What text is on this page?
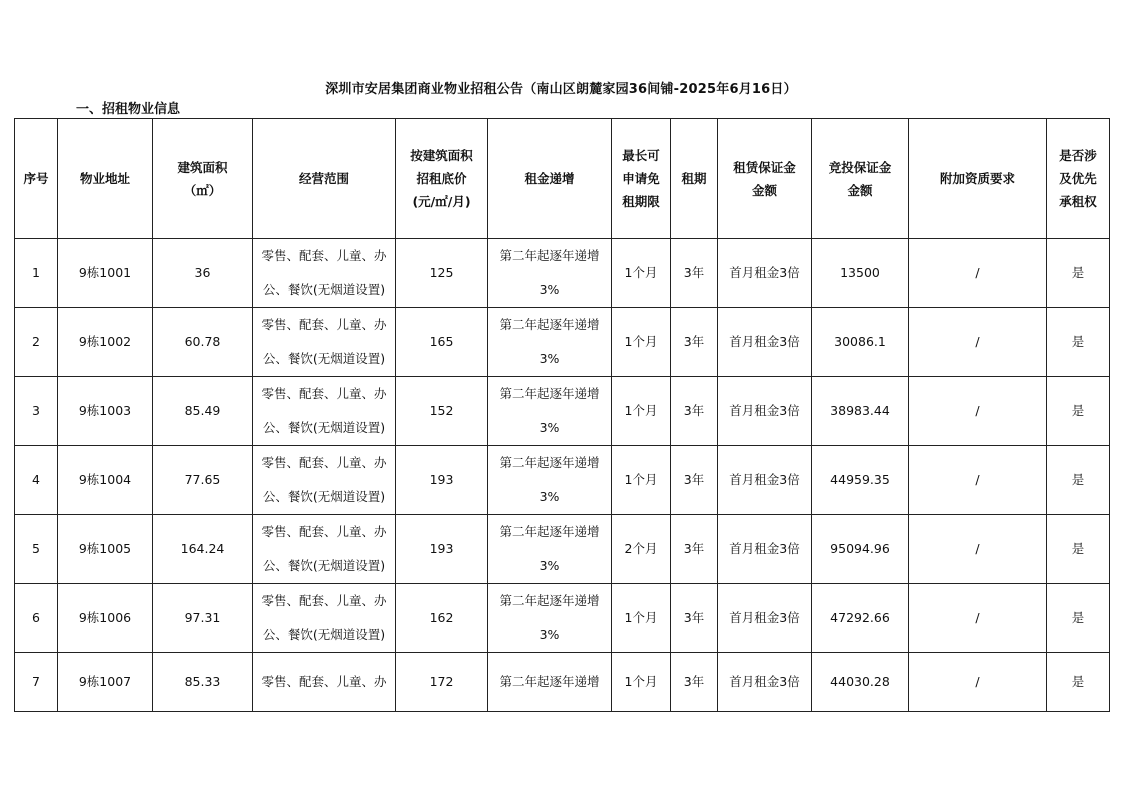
深圳市安居集团商业物业招租公告（南山区朗麓家园36间铺-2025年6月16日）
一、招租物业信息
序号	物业地址	建筑面积
（㎡）	经营范围	按建筑面积
招租底价
(元/㎡/月)	租金递增	最长可
申请免
租期限	租期	租赁保证金
金额	竞投保证金
金额	附加资质要求	是否涉
及优先
承租权

1	9栋1001	36	零售、配套、儿童、办
公、餐饮(无烟道设置)	125	第二年起逐年递增
3%	1个月	3年	首月租金3倍	13500	/	是
2	9栋1002	60.78	零售、配套、儿童、办
公、餐饮(无烟道设置)	165	第二年起逐年递增
3%	1个月	3年	首月租金3倍	30086.1	/	是
3	9栋1003	85.49	零售、配套、儿童、办
公、餐饮(无烟道设置)	152	第二年起逐年递增
3%	1个月	3年	首月租金3倍	38983.44	/	是
4	9栋1004	77.65	零售、配套、儿童、办
公、餐饮(无烟道设置)	193	第二年起逐年递增
3%	1个月	3年	首月租金3倍	44959.35	/	是
5	9栋1005	164.24	零售、配套、儿童、办
公、餐饮(无烟道设置)	193	第二年起逐年递增
3%	2个月	3年	首月租金3倍	95094.96	/	是
6	9栋1006	97.31	零售、配套、儿童、办
公、餐饮(无烟道设置)	162	第二年起逐年递增
3%	1个月	3年	首月租金3倍	47292.66	/	是
7	9栋1007	85.33	零售、配套、儿童、办	172	第二年起逐年递增	1个月	3年	首月租金3倍	44030.28	/	是
